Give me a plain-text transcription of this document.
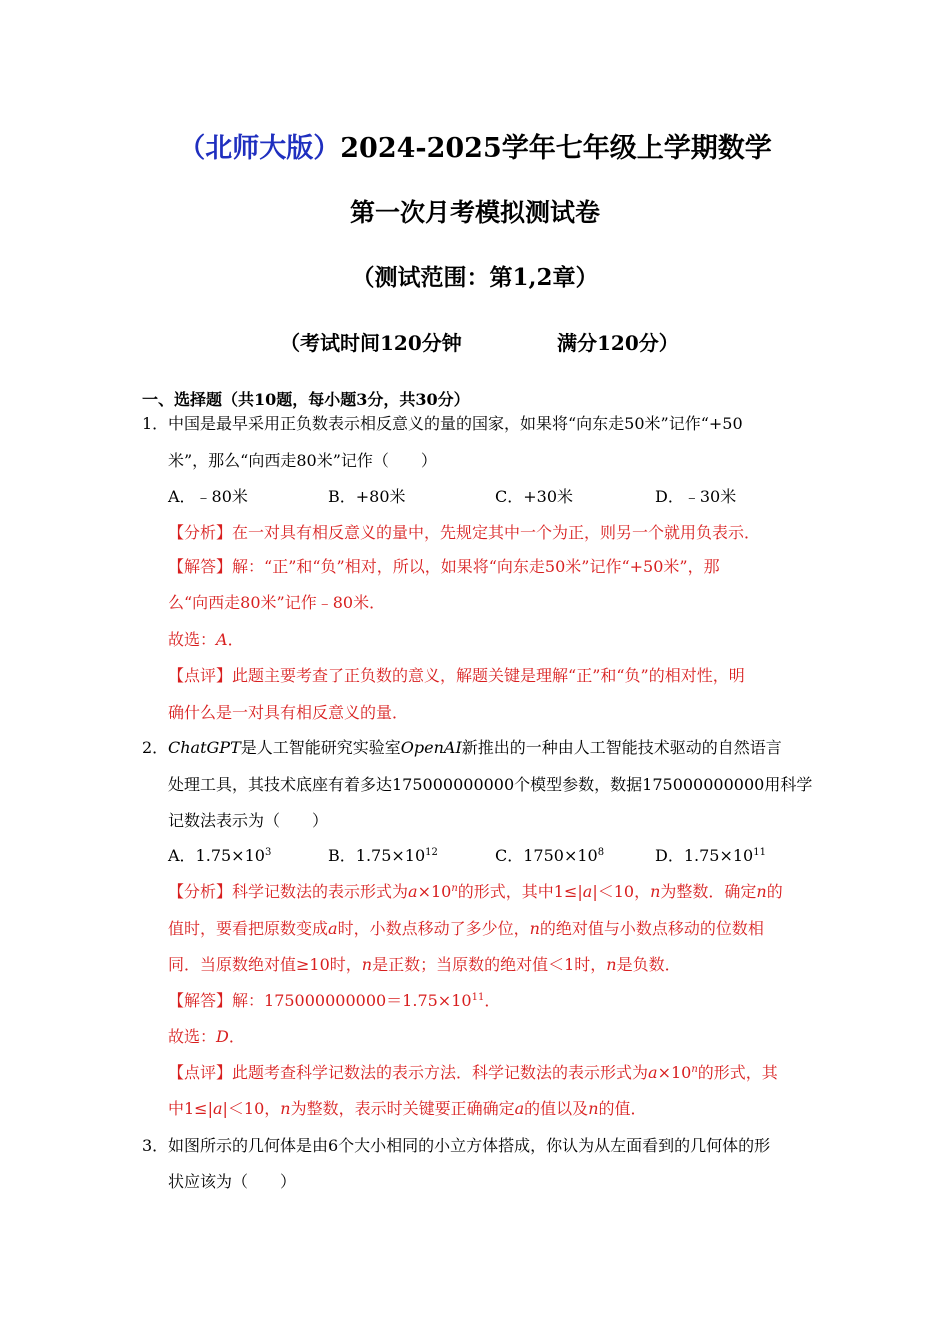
（北师大版）2024-2025学年七年级上学期数学
第一次月考模拟测试卷
（测试范围：第1,2章）
（考试时间120分钟	满分120分）
一、选择题（共10题，每小题3分，共30分）
1． 中国是最早采用正负数表示相反意义的量的国家，如果将“向东走50米”记作“+50
米”，那么“向西走80米”记作（　　）
A．﹣80米	B．+80米	C．+30米	D．﹣30米
【分析】在一对具有相反意义的量中，先规定其中一个为正，则另一个就用负表示．
【解答】解：“正”和“负”相对，所以，如果将“向东走50米”记作“+50米”，那
么“向西走80米”记作﹣80米．
故选：A．
【点评】此题主要考查了正负数的意义，解题关键是理解“正”和“负”的相对性，明
确什么是一对具有相反意义的量．
2． ChatGPT是人工智能研究实验室OpenAI新推出的一种由人工智能技术驱动的自然语言
处理工具，其技术底座有着多达175000000000个模型参数，数据175000000000用科学
记数法表示为（　　）
A．$1.75\times 10^3$	B．$1.75\times 10^{12}$	C．$1750\times 10^8$	D．$1.75\times 10^{11}$
【分析】科学记数法的表示形式为$a\times 10^n$的形式，其中1≤|a|＜10，n为整数．确定n的
值时，要看把原数变成a时，小数点移动了多少位，n的绝对值与小数点移动的位数相
同．当原数绝对值≥10时，n是正数；当原数的绝对值＜1时，n是负数．
【解答】解：$175000000000=1.75\times 10^{11}$．
故选：D．
【点评】此题考查科学记数法的表示方法．科学记数法的表示形式为$a\times 10^n$的形式，其
中1≤|a|＜10，n为整数，表示时关键要正确确定a的值以及n的值．
3． 如图所示的几何体是由6个大小相同的小立方体搭成，你认为从左面看到的几何体的形
状应该为（　　）
